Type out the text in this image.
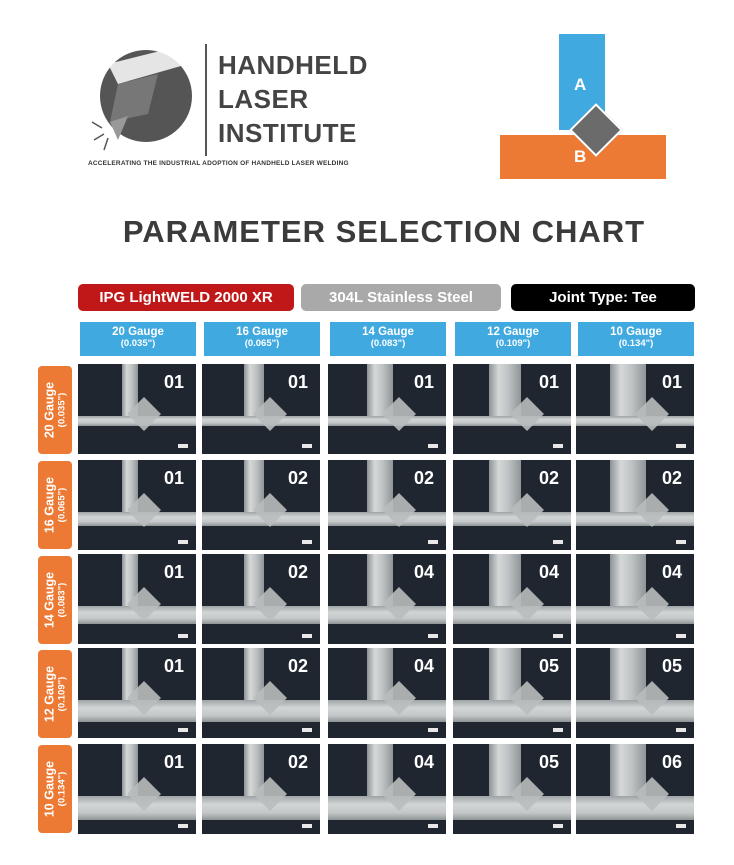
HANDHELD
LASER
INSTITUTE
ACCELERATING THE INDUSTRIAL ADOPTION OF HANDHELD LASER WELDING
A
B
PARAMETER SELECTION CHART
IPG LightWELD 2000 XR	304L Stainless Steel	Joint Type: Tee
20 Gauge
(0.035")
16 Gauge
(0.065")
14 Gauge
(0.083")
12 Gauge
(0.109")
10 Gauge
(0.134")
20 Gauge (0.035")
16 Gauge (0.065")
14 Gauge (0.083")
12 Gauge (0.109")
10 Gauge (0.134")
01	01	01	01	01
01	02	02	02	02
01	02	04	04	04
01	02	04	05	05
01	02	04	05	06
